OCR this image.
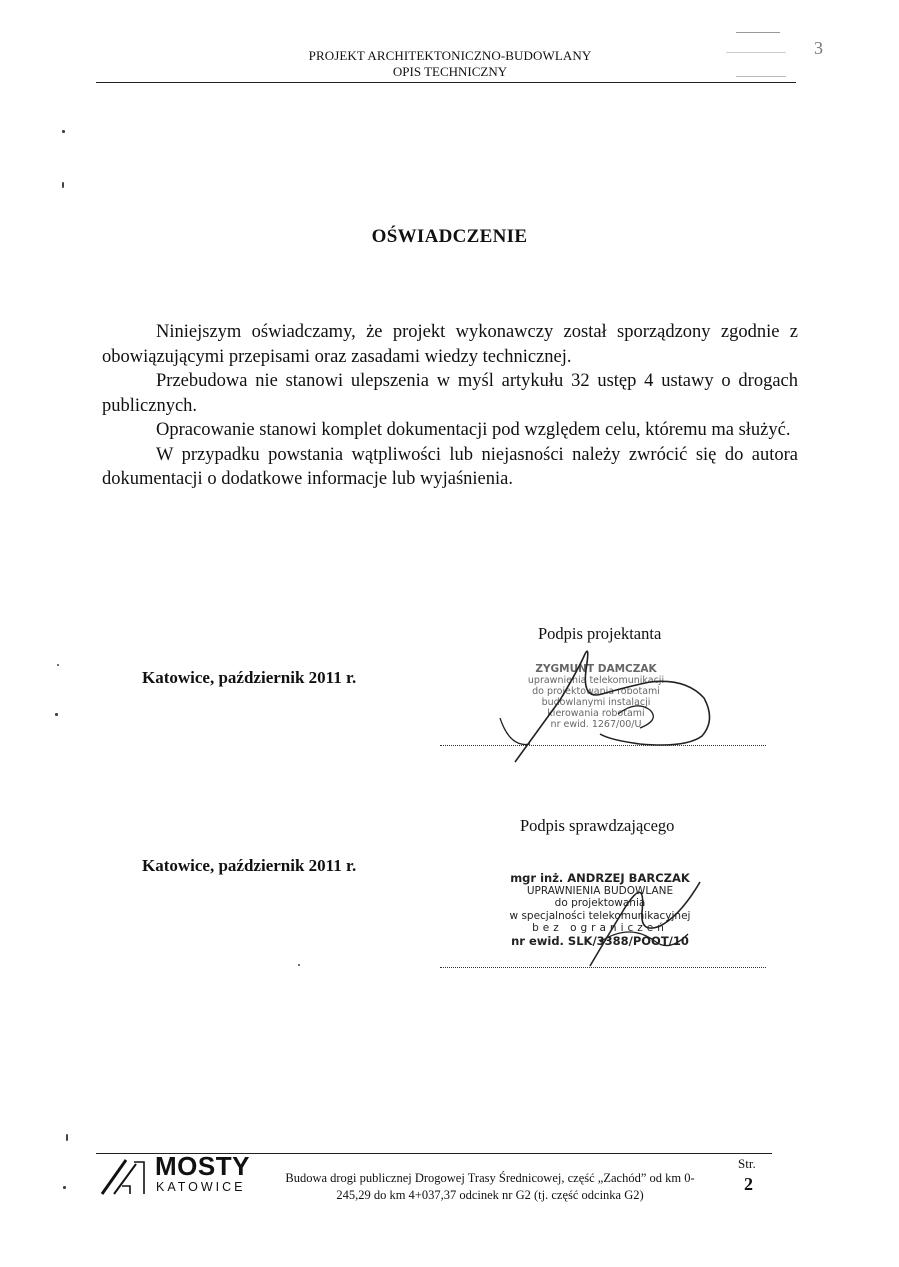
PROJEKT ARCHITEKTONICZNO-BUDOWLANY
OPIS TECHNICZNY
3
OŚWIADCZENIE

Niniejszym oświadczamy, że projekt wykonawczy został sporządzony zgodnie z obowiązującymi przepisami oraz zasadami wiedzy technicznej.

Przebudowa nie stanowi ulepszenia w myśl artykułu 32 ustęp 4 ustawy o drogach publicznych.

Opracowanie stanowi komplet dokumentacji pod względem celu, któremu ma służyć.

W przypadku powstania wątpliwości lub niejasności należy zwrócić się do autora dokumentacji o dodatkowe informacje lub wyjaśnienia.

Podpis projektanta
Katowice, październik 2011 r.	ZYGMUNT DAMCZAK
uprawnienia telekomunikacji
do projektowania robotami
budowlanymi instalacji
kierowania robotami
nr ewid. 1267/00/U
Podpis sprawdzającego
Katowice, październik 2011 r.
mgr inż. ANDRZEJ BARCZAK
UPRAWNIENIA BUDOWLANE
do projektowania
w specjalności telekomunikacyjnej
bez ograniczeń
nr ewid. SLK/3388/POOT/10
MOSTY
KATOWICE
Budowa drogi publicznej Drogowej Trasy Średnicowej, część „Zachód” od km 0-245,29 do km 4+037,37 odcinek nr G2 (tj. część odcinka G2)
Str.
2
